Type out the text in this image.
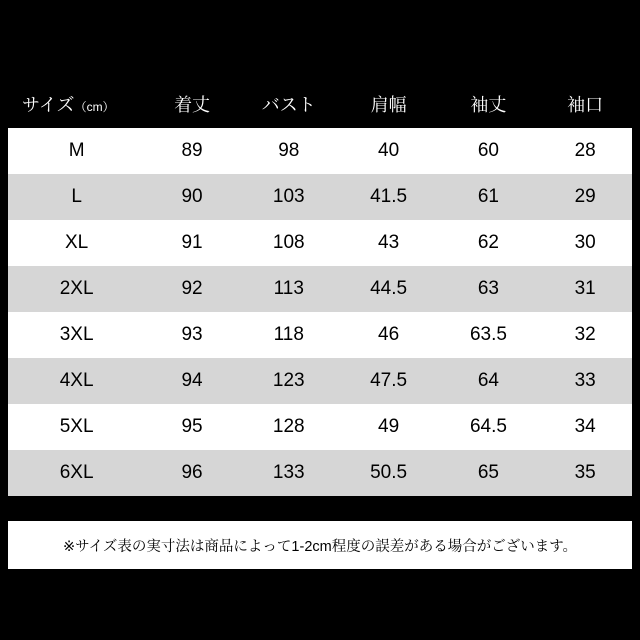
サイズ（cm）	着丈	バスト	肩幅	袖丈	袖口
M	89	98	40	60	28
L	90	103	41.5	61	29
XL	91	108	43	62	30
2XL	92	113	44.5	63	31
3XL	93	118	46	63.5	32
4XL	94	123	47.5	64	33
5XL	95	128	49	64.5	34
6XL	96	133	50.5	65	35
※サイズ表の実寸法は商品によって1-2cm程度の誤差がある場合がございます。
